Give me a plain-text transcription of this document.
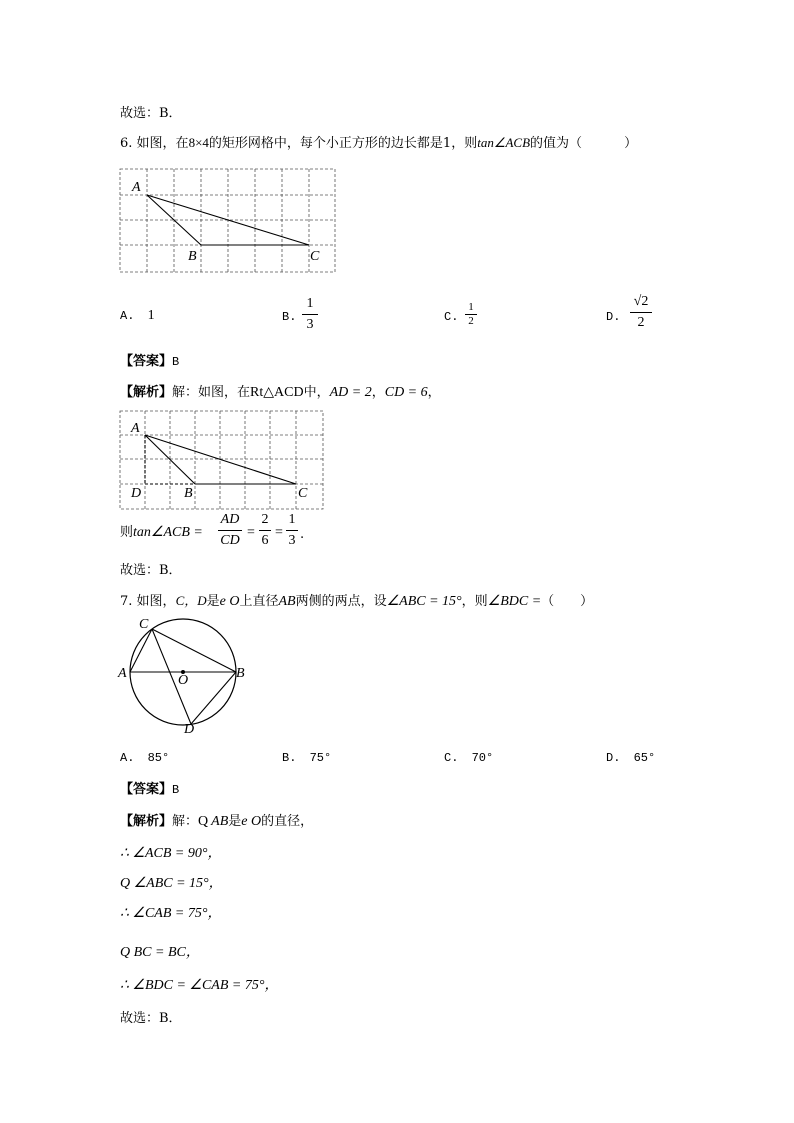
故选：B．
6. 如图，在8×4的矩形网格中，每个小正方形的边长都是1，则tan∠ACB的值为（	）
A
B	C
A. 1	B.
1
3	C.
1
2	D.
√2
2
【答案】B
【解析】解：如图，在Rt△ACD中，AD = 2，CD = 6，
A
D	B	C
则tan∠ACB =
AD
CD
=
2
6
=
1
3 .
故选：B．
7. 如图，C，D是e O上直径AB两侧的两点，设∠ABC = 15°，则∠BDC =（　　）
C
A	B
O
D
A. 85°	B. 75°	C. 70°	D. 65°
【答案】B
【解析】解：Q AB是e O的直径，
∴ ∠ACB = 90°，
Q ∠ABC = 15°，
∴ ∠CAB = 75°，
Q BC = BC，
∴ ∠BDC = ∠CAB = 75°，
故选：B．
